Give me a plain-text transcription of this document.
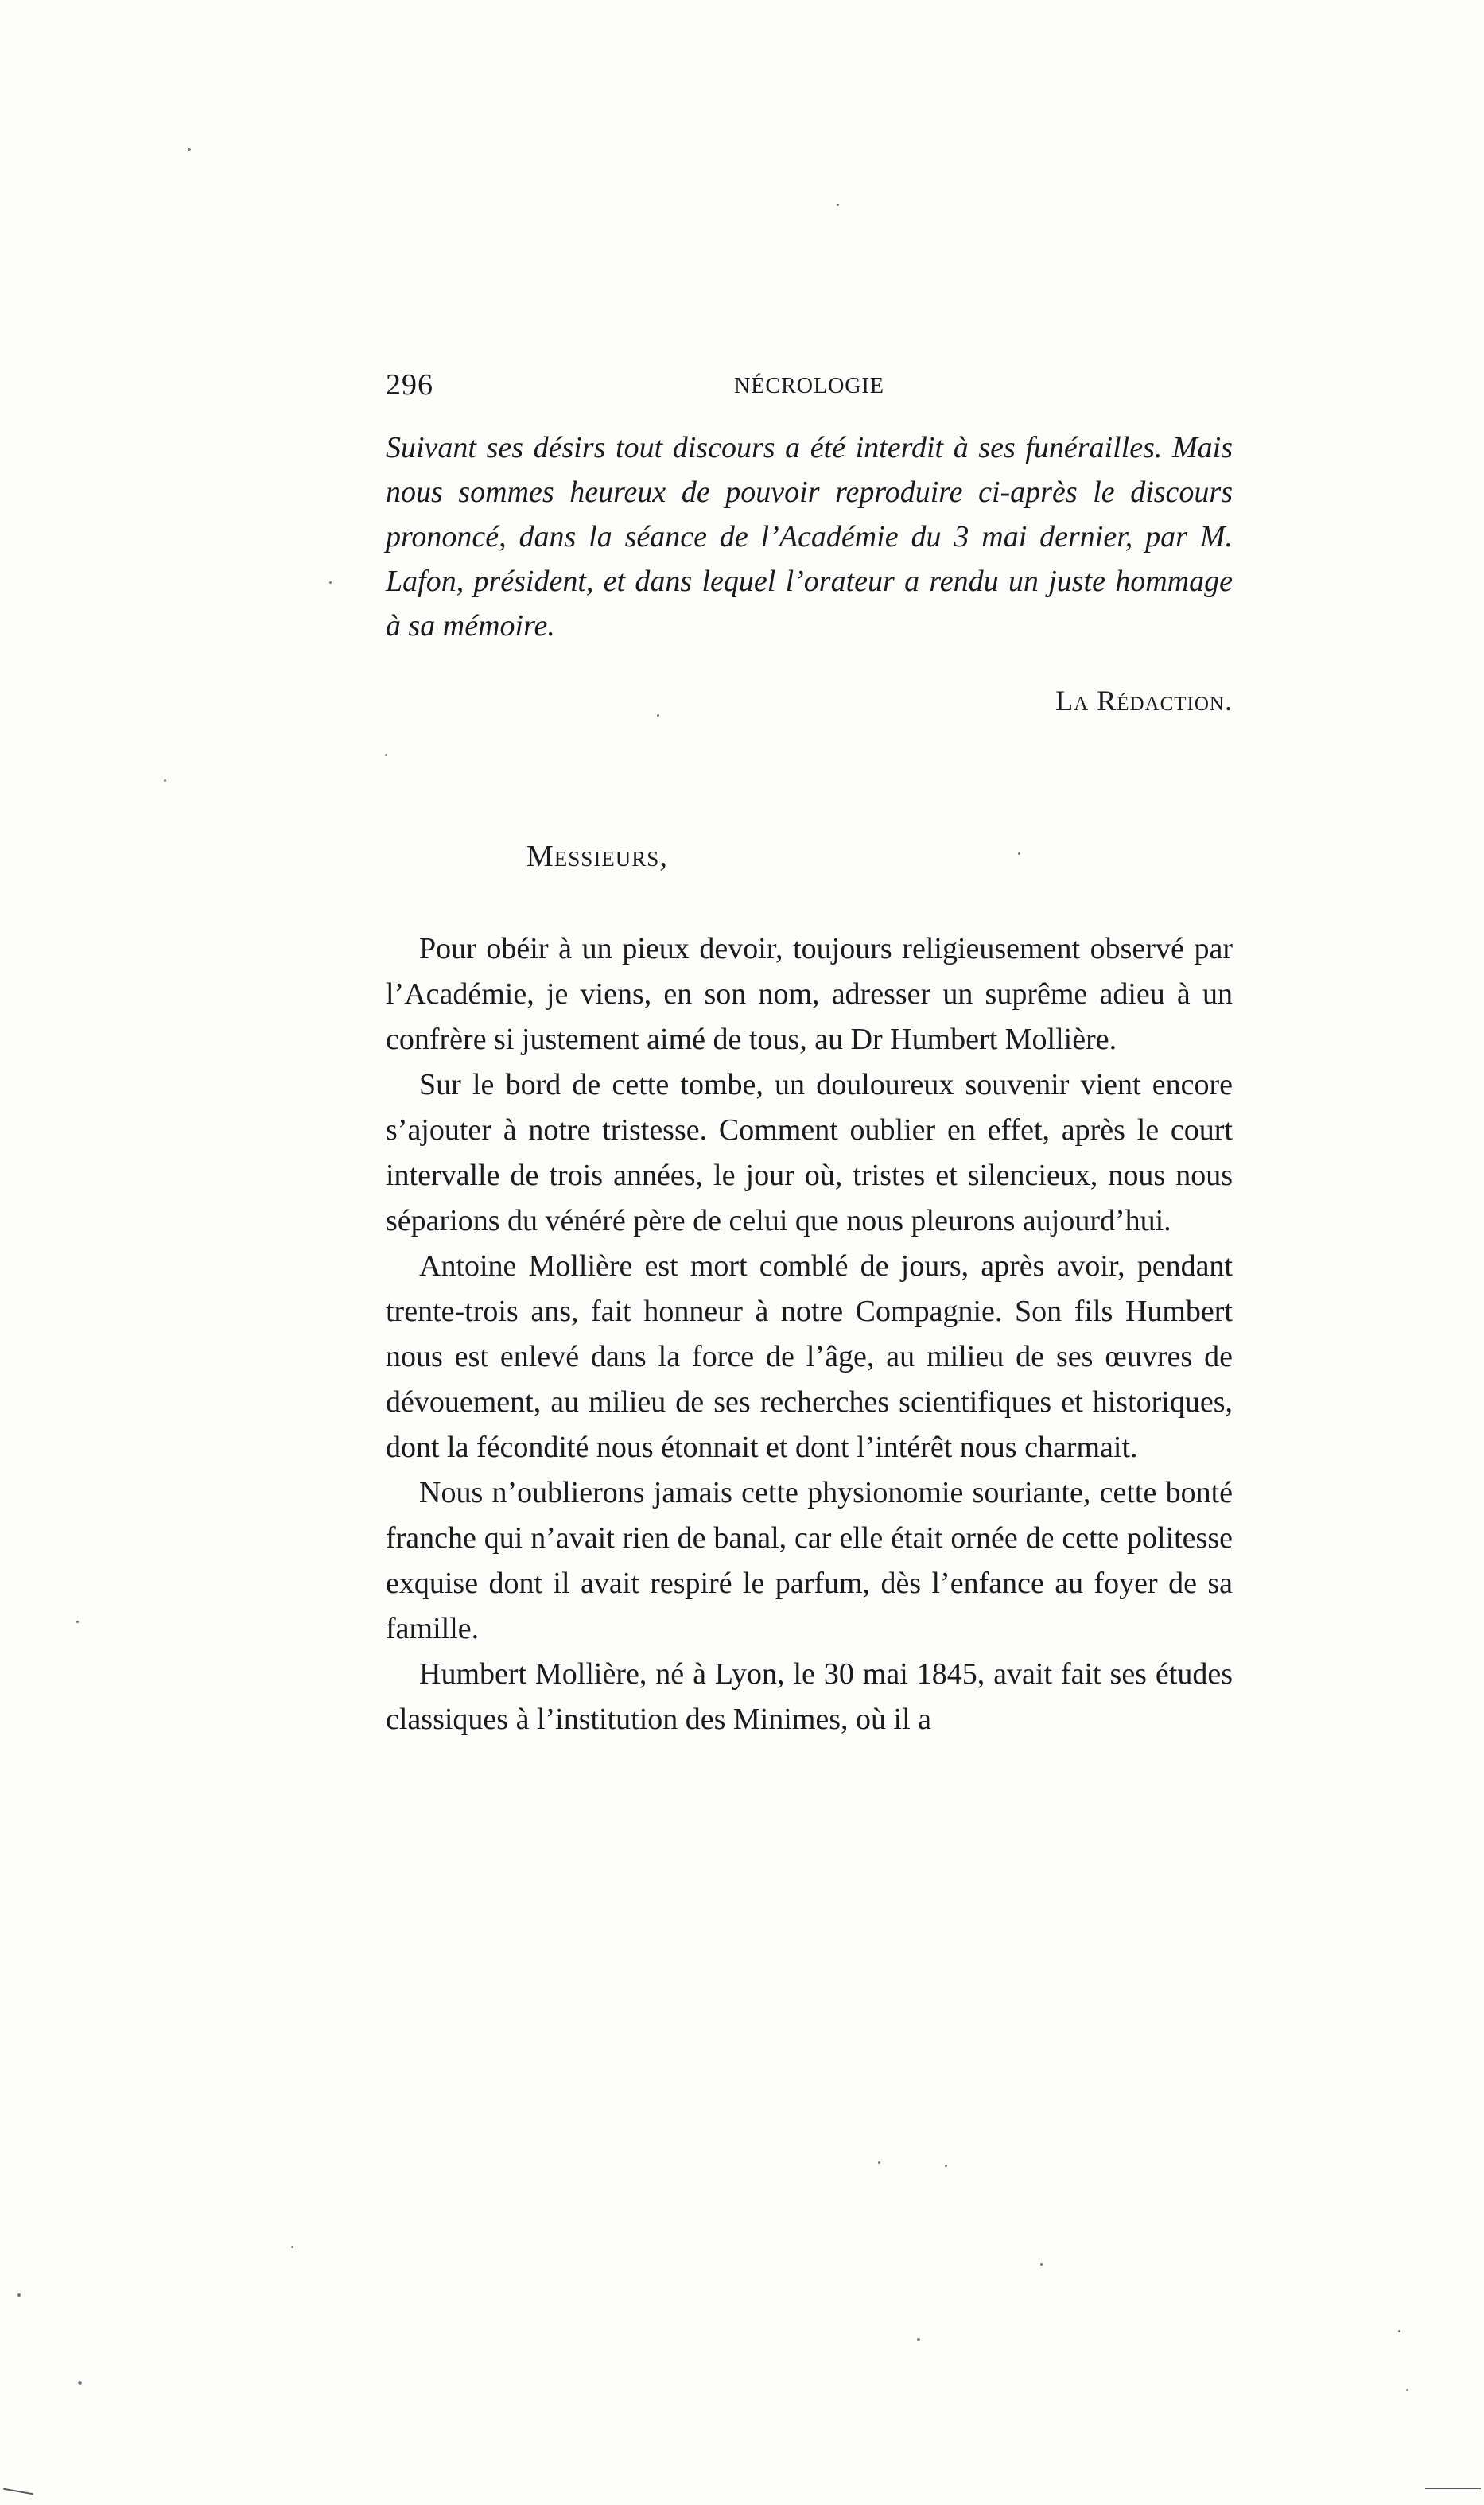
296	NÉCROLOGIE
Suivant ses désirs tout discours a été interdit à ses funérailles. Mais nous sommes heureux de pouvoir reproduire ci-après le discours prononcé, dans la séance de l’Académie du 3 mai dernier, par M. Lafon, président, et dans lequel l’orateur a rendu un juste hommage à sa mémoire.
La Rédaction.
Messieurs,

Pour obéir à un pieux devoir, toujours religieusement observé par l’Académie, je viens, en son nom, adresser un suprême adieu à un confrère si justement aimé de tous, au Dr Humbert Mollière.

Sur le bord de cette tombe, un douloureux souvenir vient encore s’ajouter à notre tristesse. Comment oublier en effet, après le court intervalle de trois années, le jour où, tristes et silencieux, nous nous séparions du vénéré père de celui que nous pleurons aujourd’hui.

Antoine Mollière est mort comblé de jours, après avoir, pendant trente-trois ans, fait honneur à notre Compagnie. Son fils Humbert nous est enlevé dans la force de l’âge, au milieu de ses œuvres de dévouement, au milieu de ses recherches scientifiques et historiques, dont la fécondité nous étonnait et dont l’intérêt nous charmait.

Nous n’oublierons jamais cette physionomie souriante, cette bonté franche qui n’avait rien de banal, car elle était ornée de cette politesse exquise dont il avait respiré le parfum, dès l’enfance au foyer de sa famille.

Humbert Mollière, né à Lyon, le 30 mai 1845, avait fait ses études classiques à l’institution des Minimes, où il a
